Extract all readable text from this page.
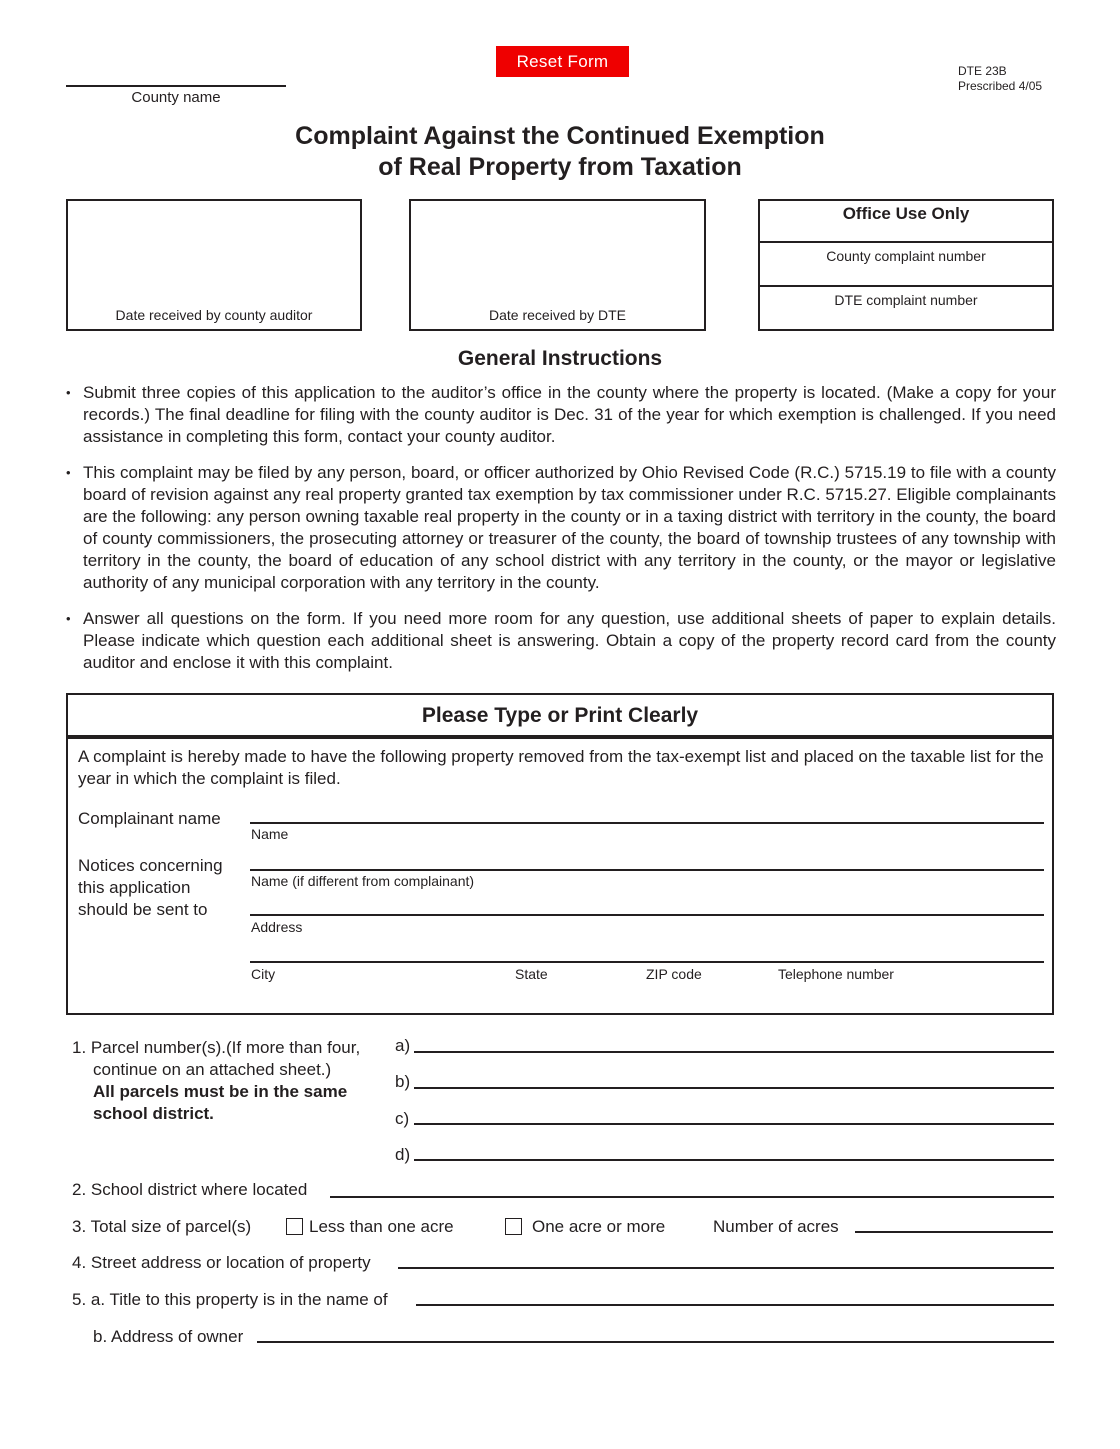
County name
Reset Form	DTE 23B
Prescribed 4/05
Complaint Against the Continued Exemption
of Real Property from Taxation
Date received by county auditor	Date received by DTE
Office Use Only
County complaint number
DTE complaint number
General Instructions
• Submit three copies of this application to the auditor’s office in the county where the property is located. (Make a copy for your records.) The final deadline for filing with the county auditor is Dec. 31 of the year for which exemption is challenged. If you need assistance in completing this form, contact your county auditor.
• This complaint may be filed by any person, board, or officer authorized by Ohio Revised Code (R.C.) 5715.19 to file with a county board of revision against any real property granted tax exemption by tax commissioner under R.C. 5715.27. Eligible complainants are the following: any person owning taxable real property in the county or in a taxing district with territory in the county, the board of county commissioners, the prosecuting attorney or treasurer of the county, the board of township trustees of any township with territory in the county, the board of education of any school district with any territory in the county, or the mayor or legislative authority of any municipal corporation with any territory in the county.
• Answer all questions on the form. If you need more room for any question, use additional sheets of paper to explain details. Please indicate which question each additional sheet is answering. Obtain a copy of the property record card from the county auditor and enclose it with this complaint.
Please Type or Print Clearly
A complaint is hereby made to have the following property removed from the tax-exempt list and placed on the taxable list for the year in which the complaint is filed.
Complainant name
Name
Notices concerning this application should be sent to
Name (if different from complainant)
Address
City	State	ZIP code	Telephone number
1. Parcel number(s).(If more than four,
continue on an attached sheet.)
All parcels must be in the same school district.
a)
b)
c)
d)
2. School district where located
3. Total size of parcel(s)	Less than one acre	One acre or more	Number of acres
4. Street address or location of property
5. a. Title to this property is in the name of
b. Address of owner
